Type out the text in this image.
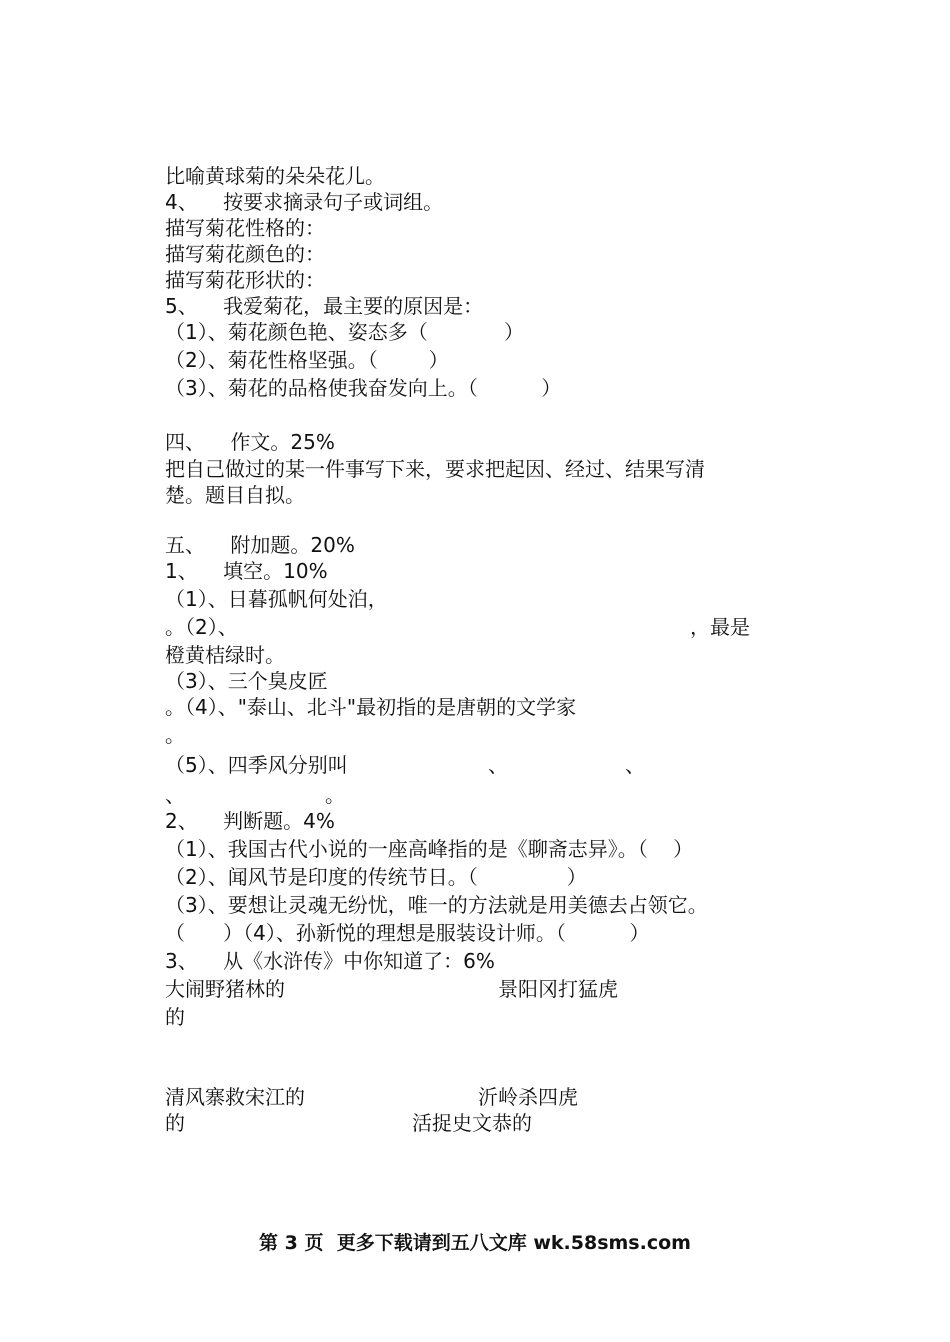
比喻黄球菊的朵朵花儿。
4、    按要求摘录句子或词组。
描写菊花性格的：
描写菊花颜色的：
描写菊花形状的：
5、    我爱菊花，最主要的原因是：
（1）、菊花颜色艳、姿态多（            ）
（2）、菊花性格坚强。（        ）
（3）、菊花的品格使我奋发向上。（          ）
四、    作文。25%
把自己做过的某一件事写下来，要求把起因、经过、结果写清
楚。题目自拟。
五、    附加题。20%
1、    填空。10%
（1）、日暮孤帆何处泊，
。（2）、	，最是
橙黄桔绿时。
（3）、三个臭皮匠
。（4）、"泰山、北斗"最初指的是唐朝的文学家
。
（5）、四季风分别叫	、	、
、	。
2、    判断题。4%
（1）、我国古代小说的一座高峰指的是《聊斋志异》。（    ）
（2）、闻风节是印度的传统节日。（              ）
（3）、要想让灵魂无纷忧，唯一的方法就是用美德去占领它。
（      ）（4）、孙新悦的理想是服装设计师。（          ）
3、    从《水浒传》中你知道了：6%
大闹野猪林的	景阳冈打猛虎
的
清风寨救宋江的	沂岭杀四虎
的	活捉史文恭的
第 3 页  更多下载请到五八文库 wk.58sms.com
